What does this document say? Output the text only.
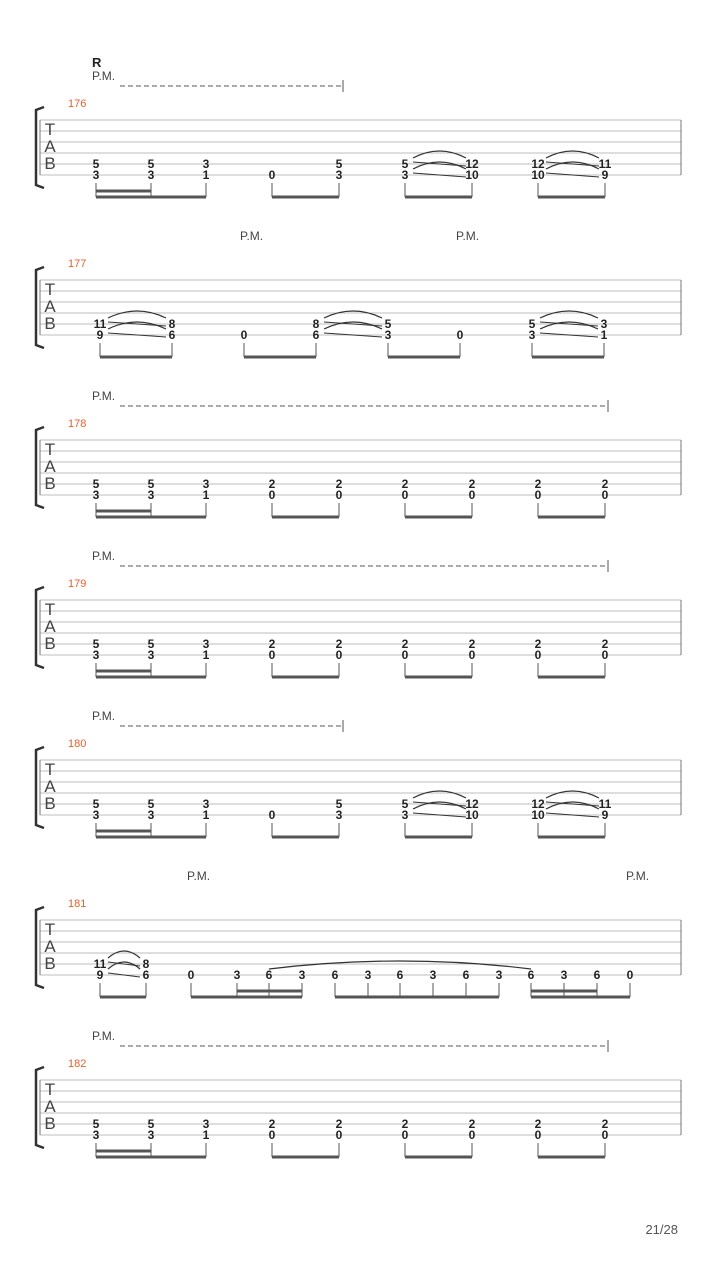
R
T
A
B
176
P.M.
5
3
5
3
3
1	0
5
3
5
3
12
10
12
10
11
9
T
A
B
177
P.M.	P.M.
11
9
8
6	0
8
6
5
3	0
5
3
3
1
T
A
B
178
P.M.
5
3
5
3
3
1
2
0
2
0
2
0
2
0
2
0
2
0
T
A
B
179
P.M.
5
3
5
3
3
1
2
0
2
0
2
0
2
0
2
0
2
0
T
A
B
180
P.M.
5
3
5
3
3
1	0
5
3
5
3
12
10
12
10
11
9
T
A
B
181
P.M.	P.M.
11
9
8
6	0	3 6 3 6 3 6 3 6 3 6 3 6 0
T
A
B
182
P.M.
5
3
5
3
3
1
2
0
2
0
2
0
2
0
2
0
2
0
21/28
